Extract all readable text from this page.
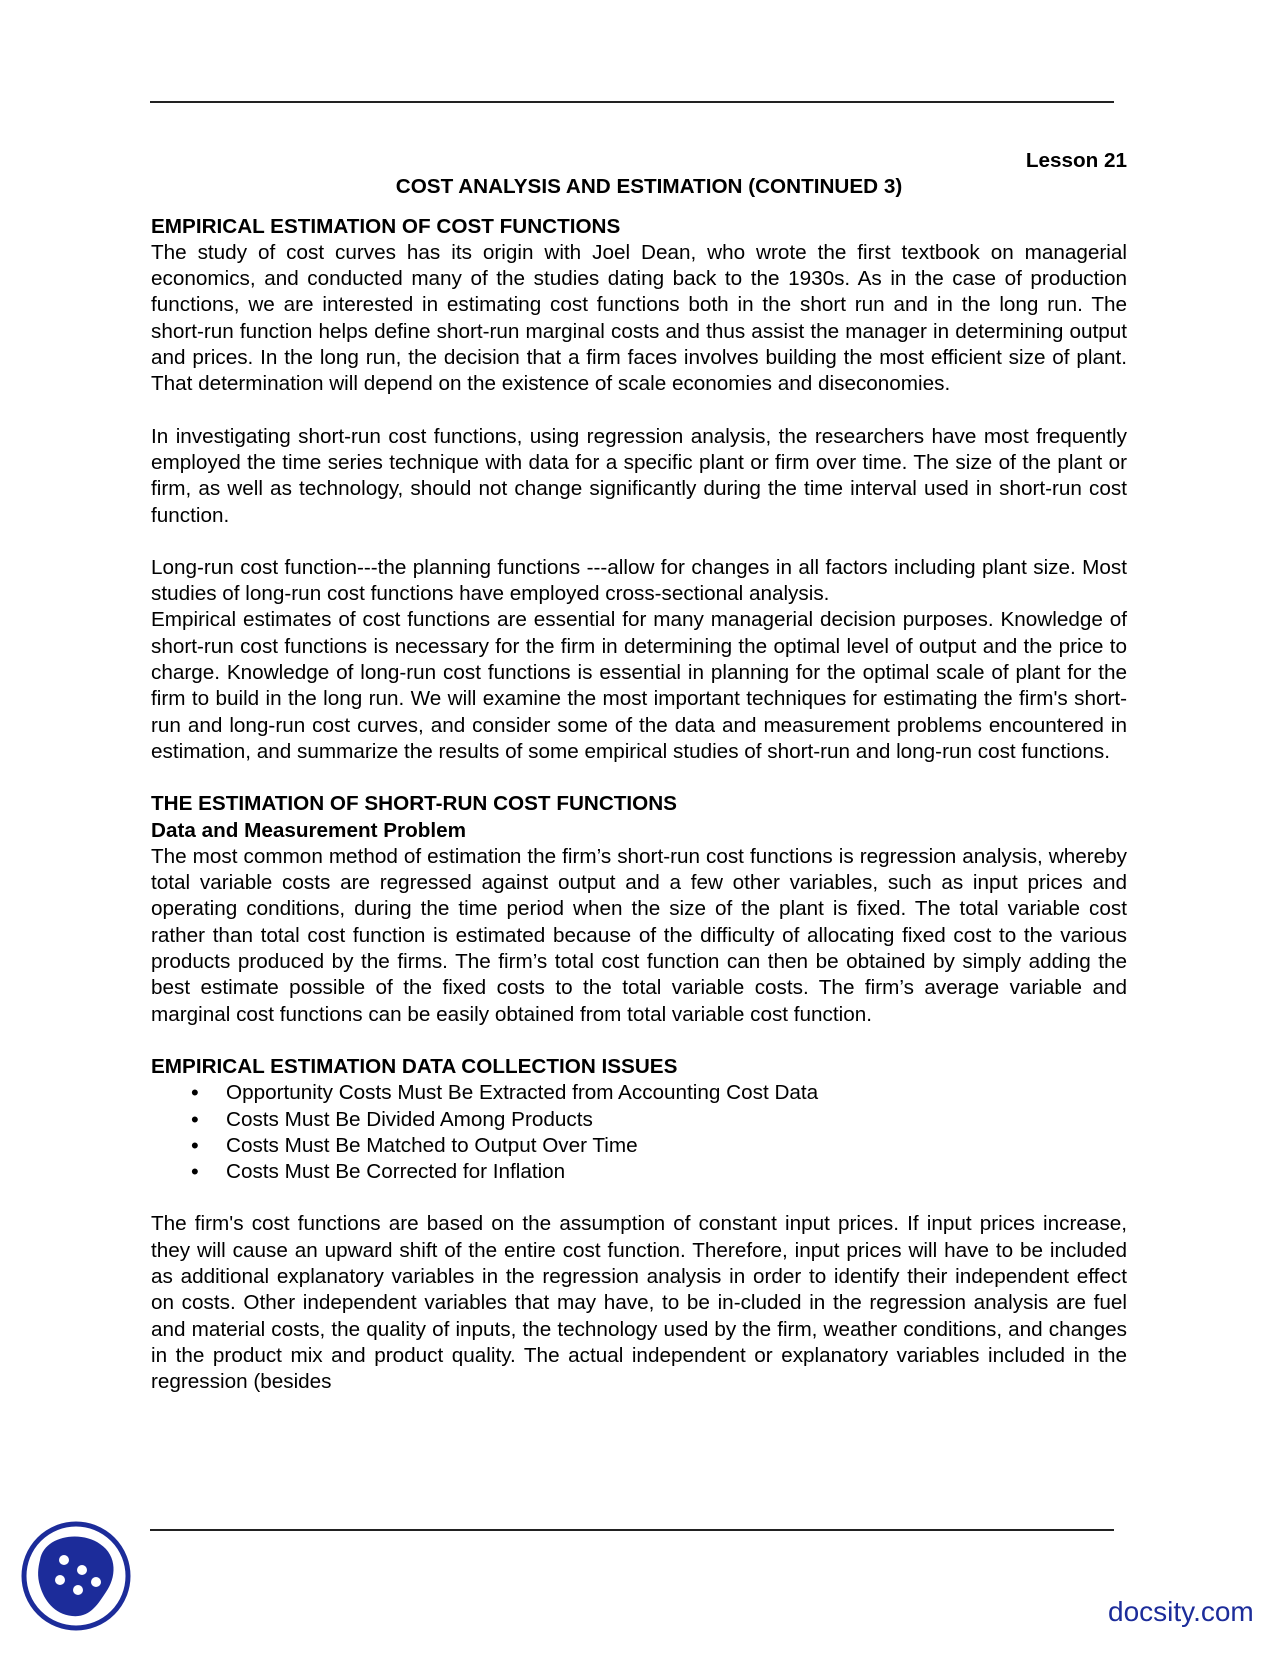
Lesson 21
COST ANALYSIS AND ESTIMATION (CONTINUED 3)
EMPIRICAL ESTIMATION OF COST FUNCTIONS

The study of cost curves has its origin with Joel Dean, who wrote the first textbook on managerial economics, and conducted many of the studies dating back to the 1930s. As in the case of production functions, we are interested in estimating cost functions both in the short run and in the long run. The short-run function helps define short-run marginal costs and thus assist the manager in determining output and prices. In the long run, the decision that a firm faces involves building the most efficient size of plant. That determination will depend on the existence of scale economies and diseconomies.

In investigating short-run cost functions, using regression analysis, the researchers have most frequently employed the time series technique with data for a specific plant or firm over time. The size of the plant or firm, as well as technology, should not change significantly during the time interval used in short-run cost function.

Long-run cost function---the planning functions ---allow for changes in all factors including plant size. Most studies of long-run cost functions have employed cross-sectional analysis.

Empirical estimates of cost functions are essential for many managerial decision purposes. Knowledge of short-run cost functions is necessary for the firm in determining the optimal level of output and the price to charge. Knowledge of long-run cost functions is essential in planning for the optimal scale of plant for the firm to build in the long run. We will examine the most important techniques for estimating the firm's short-run and long-run cost curves, and consider some of the data and measurement problems encountered in estimation, and summarize the results of some empirical studies of short-run and long-run cost functions.

THE ESTIMATION OF SHORT-RUN COST FUNCTIONS
Data and Measurement Problem

The most common method of estimation the firm’s short-run cost functions is regression analysis, whereby total variable costs are regressed against output and a few other variables, such as input prices and operating conditions, during the time period when the size of the plant is fixed. The total variable cost rather than total cost function is estimated because of the difficulty of allocating fixed cost to the various products produced by the firms. The firm’s total cost function can then be obtained by simply adding the best estimate possible of the fixed costs to the total variable costs. The firm’s average variable and marginal cost functions can be easily obtained from total variable cost function.

EMPIRICAL ESTIMATION DATA COLLECTION ISSUES
• Opportunity Costs Must Be Extracted from Accounting Cost Data
• Costs Must Be Divided Among Products
• Costs Must Be Matched to Output Over Time
• Costs Must Be Corrected for Inflation

The firm's cost functions are based on the assumption of constant input prices. If input prices increase, they will cause an upward shift of the entire cost function. Therefore, input prices will have to be included as additional explanatory variables in the regression analysis in order to identify their independent effect on costs. Other independent variables that may have, to be in-cluded in the regression analysis are fuel and material costs, the quality of inputs, the technology used by the firm, weather conditions, and changes in the product mix and product quality. The actual independent or explanatory variables included in the regression (besides

docsity.com
